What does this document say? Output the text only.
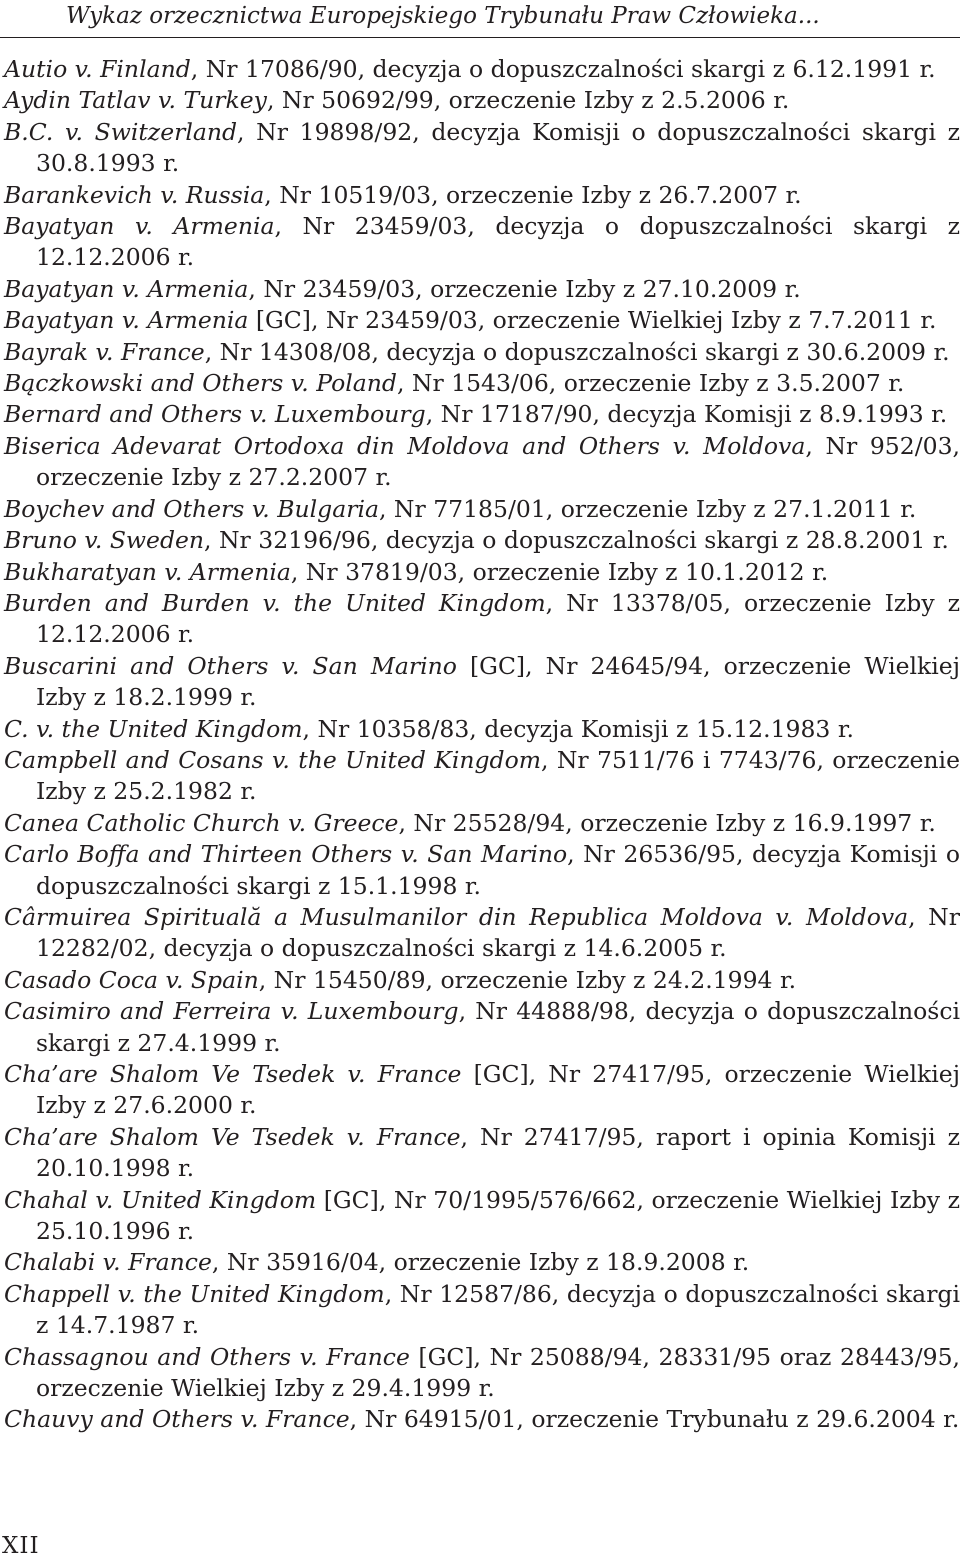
Wykaz orzecznictwa Europejskiego Trybunału Praw Człowieka...
Autio v. Finland, Nr 17086/90, decyzja o dopuszczalności skargi z 6.12.1991 r.
Aydin Tatlav v. Turkey, Nr 50692/99, orzeczenie Izby z 2.5.2006 r.
B.C. v. Switzerland, Nr 19898/92, decyzja Komisji o dopuszczalności skargi z 30.8.1993 r.
Barankevich v. Russia, Nr 10519/03, orzeczenie Izby z 26.7.2007 r.
Bayatyan v. Armenia, Nr 23459/03, decyzja o dopuszczalności skargi z 12.12.2006 r.
Bayatyan v. Armenia, Nr 23459/03, orzeczenie Izby z 27.10.2009 r.
Bayatyan v. Armenia [GC], Nr 23459/03, orzeczenie Wielkiej Izby z 7.7.2011 r.
Bayrak v. France, Nr 14308/08, decyzja o dopuszczalności skargi z 30.6.2009 r.
Bączkowski and Others v. Poland, Nr 1543/06, orzeczenie Izby z 3.5.2007 r.
Bernard and Others v. Luxembourg, Nr 17187/90, decyzja Komisji z 8.9.1993 r.
Biserica Adevarat Ortodoxa din Moldova and Others v. Moldova, Nr 952/03, orzeczenie Izby z 27.2.2007 r.
Boychev and Others v. Bulgaria, Nr 77185/01, orzeczenie Izby z 27.1.2011 r.
Bruno v. Sweden, Nr 32196/96, decyzja o dopuszczalności skargi z 28.8.2001 r.
Bukharatyan v. Armenia, Nr 37819/03, orzeczenie Izby z 10.1.2012 r.
Burden and Burden v. the United Kingdom, Nr 13378/05, orzeczenie Izby z 12.12.2006 r.
Buscarini and Others v. San Marino [GC], Nr 24645/94, orzeczenie Wielkiej Izby z 18.2.1999 r.
C. v. the United Kingdom, Nr 10358/83, decyzja Komisji z 15.12.1983 r.
Campbell and Cosans v. the United Kingdom, Nr 7511/76 i 7743/76, orzeczenie Izby z 25.2.1982 r.
Canea Catholic Church v. Greece, Nr 25528/94, orzeczenie Izby z 16.9.1997 r.
Carlo Boffa and Thirteen Others v. San Marino, Nr 26536/95, decyzja Komisji o dopuszczalności skargi z 15.1.1998 r.
Cârmuirea Spirituală a Musulmanilor din Republica Moldova v. Moldova, Nr 12282/02, decyzja o dopuszczalności skargi z 14.6.2005 r.
Casado Coca v. Spain, Nr 15450/89, orzeczenie Izby z 24.2.1994 r.
Casimiro and Ferreira v. Luxembourg, Nr 44888/98, decyzja o dopuszczalności skargi z 27.4.1999 r.
Cha’are Shalom Ve Tsedek v. France [GC], Nr 27417/95, orzeczenie Wielkiej Izby z 27.6.2000 r.
Cha’are Shalom Ve Tsedek v. France, Nr 27417/95, raport i opinia Komisji z 20.10.1998 r.
Chahal v. United Kingdom [GC], Nr 70/1995/576/662, orzeczenie Wielkiej Izby z 25.10.1996 r.
Chalabi v. France, Nr 35916/04, orzeczenie Izby z 18.9.2008 r.
Chappell v. the United Kingdom, Nr 12587/86, decyzja o dopuszczalności skargi z 14.7.1987 r.
Chassagnou and Others v. France [GC], Nr 25088/94, 28331/95 oraz 28443/95, orzeczenie Wielkiej Izby z 29.4.1999 r.
Chauvy and Others v. France, Nr 64915/01, orzeczenie Trybunału z 29.6.2004 r.
XII
